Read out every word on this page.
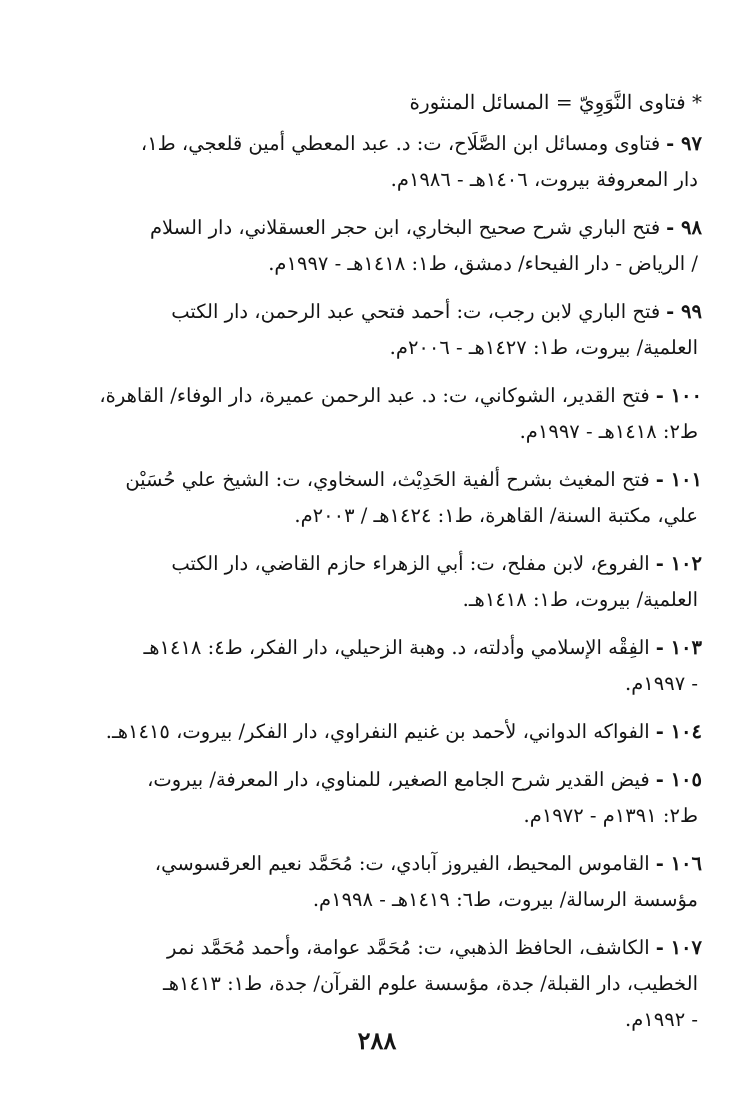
* فتاوى النَّوَوِيّ = المسائل المنثورة
٩٧ -فتاوى ومسائل ابن الصَّلَاح، ت: د. عبد المعطي أمين قلعجي، ط١،
دار المعروفة بيروت، ١٤٠٦هـ - ١٩٨٦م.
٩٨ -فتح الباري شرح صحيح البخاري، ابن حجر العسقلاني، دار السلام
/ الرياض - دار الفيحاء/ دمشق، ط١: ١٤١٨هـ - ١٩٩٧م.
٩٩ -فتح الباري لابن رجب، ت: أحمد فتحي عبد الرحمن، دار الكتب
العلمية/ بيروت، ط١: ١٤٢٧هـ - ٢٠٠٦م.
١٠٠ -فتح القدير، الشوكاني، ت: د. عبد الرحمن عميرة، دار الوفاء/ القاهرة،
ط٢: ١٤١٨هـ - ١٩٩٧م.
١٠١ -فتح المغيث بشرح ألفية الحَدِيْث، السخاوي، ت: الشيخ علي حُسَيْن
علي، مكتبة السنة/ القاهرة، ط١: ١٤٢٤هـ / ٢٠٠٣م.
١٠٢ -الفروع، لابن مفلح، ت: أبي الزهراء حازم القاضي، دار الكتب
العلمية/ بيروت، ط١: ١٤١٨هـ.
١٠٣ -الفِقْه الإسلامي وأدلته، د. وهبة الزحيلي، دار الفكر، ط٤: ١٤١٨هـ
- ١٩٩٧م.
١٠٤ -الفواكه الدواني، لأحمد بن غنيم النفراوي، دار الفكر/ بيروت، ١٤١٥هـ.
١٠٥ -فيض القدير شرح الجامع الصغير، للمناوي، دار المعرفة/ بيروت،
ط٢: ١٣٩١م - ١٩٧٢م.
١٠٦ -القاموس المحيط، الفيروز آبادي، ت: مُحَمَّد نعيم العرقسوسي،
مؤسسة الرسالة/ بيروت، ط٦: ١٤١٩هـ - ١٩٩٨م.
١٠٧ -الكاشف، الحافظ الذهبي، ت: مُحَمَّد عوامة، وأحمد مُحَمَّد نمر
الخطيب، دار القبلة/ جدة، مؤسسة علوم القرآن/ جدة، ط١: ١٤١٣هـ
- ١٩٩٢م.
٢٨٨
